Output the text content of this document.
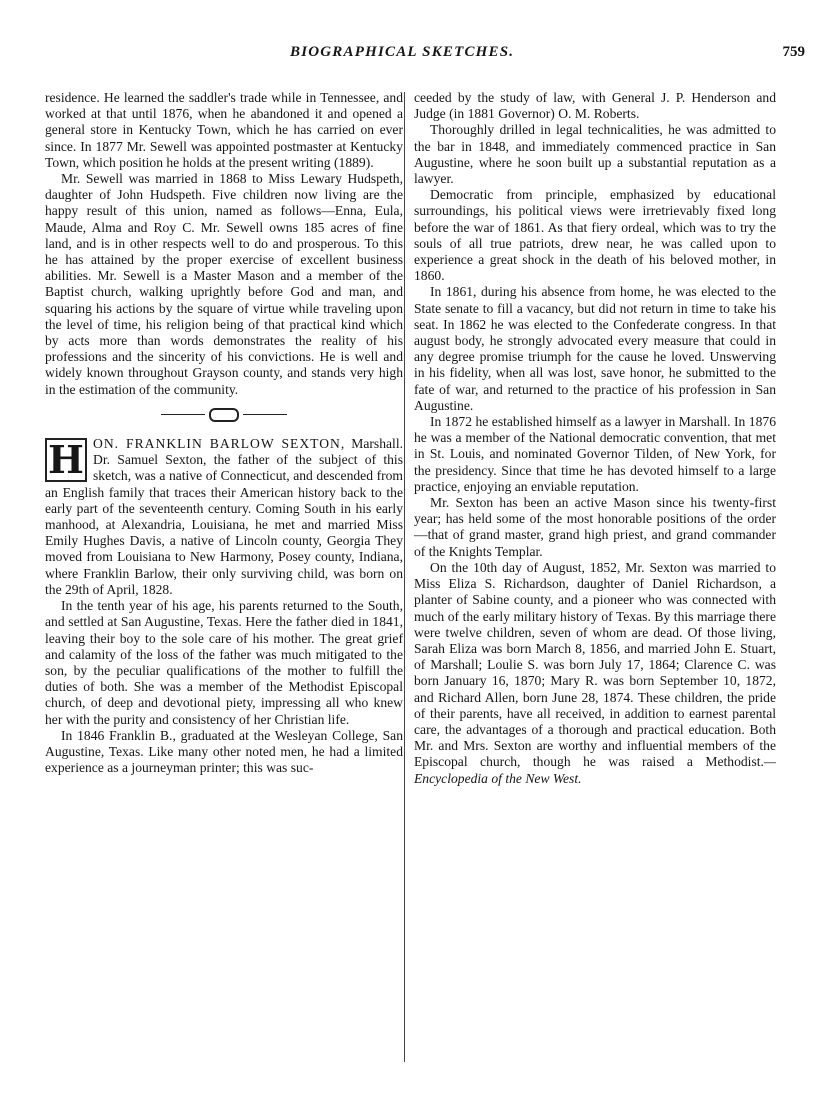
BIOGRAPHICAL SKETCHES.	759

residence. He learned the saddler's trade while in Tennessee, and worked at that until 1876, when he abandoned it and opened a general store in Kentucky Town, which he has carried on ever since. In 1877 Mr. Sewell was appointed postmaster at Kentucky Town, which position he holds at the present writing (1889).

Mr. Sewell was married in 1868 to Miss Lewary Hudspeth, daughter of John Hudspeth. Five children now living are the happy result of this union, named as follows—Enna, Eula, Maude, Alma and Roy C. Mr. Sewell owns 185 acres of fine land, and is in other respects well to do and prosperous. To this he has attained by the proper exercise of excellent business abilities. Mr. Sewell is a Master Mason and a member of the Baptist church, walking uprightly before God and man, and squaring his actions by the square of virtue while traveling upon the level of time, his religion being of that practical kind which by acts more than words demonstrates the reality of his professions and the sincerity of his convictions. He is well and widely known throughout Grayson county, and stands very high in the estimation of the community.

H ON. FRANKLIN BARLOW SEXTON, Marshall. Dr. Samuel Sexton, the father of the subject of this sketch, was a native of Connecticut, and descended from an English family that traces their American history back to the early part of the seventeenth century. Coming South in his early manhood, at Alexandria, Louisiana, he met and married Miss Emily Hughes Davis, a native of Lincoln county, Georgia They moved from Louisiana to New Harmony, Posey county, Indiana, where Franklin Barlow, their only surviving child, was born on the 29th of April, 1828.

In the tenth year of his age, his parents returned to the South, and settled at San Augustine, Texas. Here the father died in 1841, leaving their boy to the sole care of his mother. The great grief and calamity of the loss of the father was much mitigated to the son, by the peculiar qualifications of the mother to fulfill the duties of both. She was a member of the Methodist Episcopal church, of deep and devotional piety, impressing all who knew her with the purity and consistency of her Christian life.

In 1846 Franklin B., graduated at the Wesleyan College, San Augustine, Texas. Like many other noted men, he had a limited experience as a journeyman printer; this was suc-

ceeded by the study of law, with General J. P. Henderson and Judge (in 1881 Governor) O. M. Roberts.

Thoroughly drilled in legal technicalities, he was admitted to the bar in 1848, and immediately commenced practice in San Augustine, where he soon built up a substantial reputation as a lawyer.

Democratic from principle, emphasized by educational surroundings, his political views were irretrievably fixed long before the war of 1861. As that fiery ordeal, which was to try the souls of all true patriots, drew near, he was called upon to experience a great shock in the death of his beloved mother, in 1860.

In 1861, during his absence from home, he was elected to the State senate to fill a vacancy, but did not return in time to take his seat. In 1862 he was elected to the Confederate congress. In that august body, he strongly advocated every measure that could in any degree promise triumph for the cause he loved. Unswerving in his fidelity, when all was lost, save honor, he submitted to the fate of war, and returned to the practice of his profession in San Augustine.

In 1872 he established himself as a lawyer in Marshall. In 1876 he was a member of the National democratic convention, that met in St. Louis, and nominated Governor Tilden, of New York, for the presidency. Since that time he has devoted himself to a large practice, enjoying an enviable reputation.

Mr. Sexton has been an active Mason since his twenty-first year; has held some of the most honorable positions of the order—that of grand master, grand high priest, and grand commander of the Knights Templar.

On the 10th day of August, 1852, Mr. Sexton was married to Miss Eliza S. Richardson, daughter of Daniel Richardson, a planter of Sabine county, and a pioneer who was connected with much of the early military history of Texas. By this marriage there were twelve children, seven of whom are dead. Of those living, Sarah Eliza was born March 8, 1856, and married John E. Stuart, of Marshall; Loulie S. was born July 17, 1864; Clarence C. was born January 16, 1870; Mary R. was born September 10, 1872, and Richard Allen, born June 28, 1874. These children, the pride of their parents, have all received, in addition to earnest parental care, the advantages of a thorough and practical education. Both Mr. and Mrs. Sexton are worthy and influential members of the Episcopal church, though he was raised a Methodist.—Encyclopedia of the New West.
